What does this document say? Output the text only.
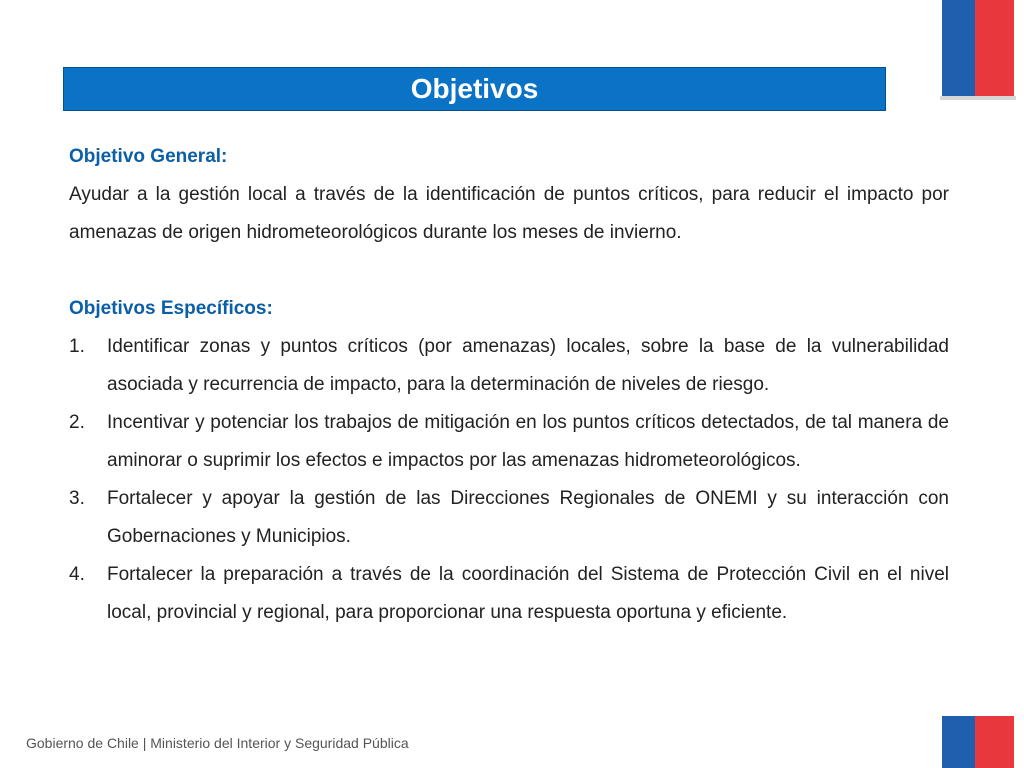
Objetivos
Objetivo General:
Ayudar a la gestión local a través de la identificación de puntos críticos, para reducir el impacto por amenazas de origen hidrometeorológicos durante los meses de invierno.
Objetivos Específicos:
1.	Identificar zonas y puntos críticos (por amenazas) locales, sobre la base de la vulnerabilidad asociada y recurrencia de impacto, para la determinación de niveles de riesgo.
2.	Incentivar y potenciar los trabajos de mitigación en los puntos críticos detectados, de tal manera de aminorar o suprimir los efectos e impactos por las amenazas hidrometeorológicos.
3.	Fortalecer y apoyar la gestión de las Direcciones Regionales de ONEMI y su interacción con Gobernaciones y Municipios.
4.	Fortalecer la preparación a través de la coordinación del Sistema de Protección Civil en el nivel local, provincial y regional, para proporcionar una respuesta oportuna y eficiente.
Gobierno de Chile | Ministerio del Interior y Seguridad Pública
